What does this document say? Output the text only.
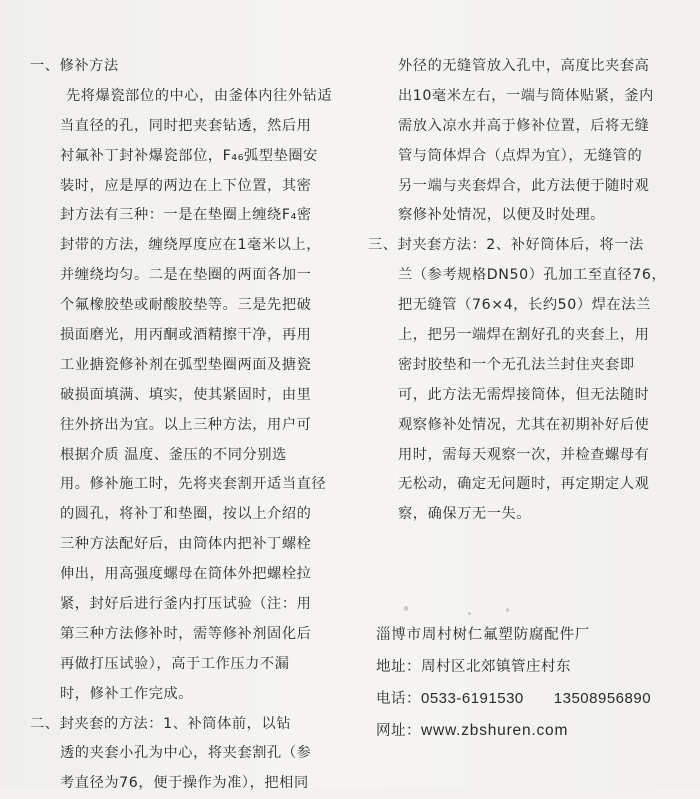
一、修补方法
先将爆瓷部位的中心，由釜体内往外钻适
当直径的孔，同时把夹套钻透，然后用
衬氟补丁封补爆瓷部位，F₄₆弧型垫圈安
装时，应是厚的两边在上下位置，其密
封方法有三种：一是在垫圈上缠绕F₄密
封带的方法，缠绕厚度应在1毫米以上，
并缠绕均匀。二是在垫圈的两面各加一
个氟橡胶垫或耐酸胶垫等。三是先把破
损面磨光，用丙酮或酒精擦干净，再用
工业搪瓷修补剂在弧型垫圈两面及搪瓷
破损面填满、填实，使其紧固时，由里
往外挤出为宜。以上三种方法，用户可
根据介质 温度、釜压的不同分别选
用。修补施工时，先将夹套割开适当直径
的圆孔，将补丁和垫圈，按以上介绍的
三种方法配好后，由筒体内把补丁螺栓
伸出，用高强度螺母在筒体外把螺栓拉
紧，封好后进行釜内打压试验（注：用
第三种方法修补时，需等修补剂固化后
再做打压试验），高于工作压力不漏
时，修补工作完成。
二、封夹套的方法：1、补筒体前，以钻
透的夹套小孔为中心，将夹套割孔（参
考直径为76，便于操作为准），把相同
外径的无缝管放入孔中，高度比夹套高
出10毫米左右，一端与筒体贴紧，釜内
需放入凉水并高于修补位置，后将无缝
管与筒体焊合（点焊为宜），无缝管的
另一端与夹套焊合，此方法便于随时观
察修补处情况，以便及时处理。
三、封夹套方法：2、补好筒体后，将一法
兰（参考规格DN50）孔加工至直径76，
把无缝管（76×4，长约50）焊在法兰
上，把另一端焊在割好孔的夹套上，用
密封胶垫和一个无孔法兰封住夹套即
可，此方法无需焊接筒体，但无法随时
观察修补处情况，尤其在初期补好后使
用时，需每天观察一次，并检查螺母有
无松动，确定无问题时，再定期定人观
察，确保万无一失。
淄博市周村树仁氟塑防腐配件厂
地址：周村区北郊镇管庄村东
电话：0533-6191530 13508956890
网址：www.zbshuren.com
